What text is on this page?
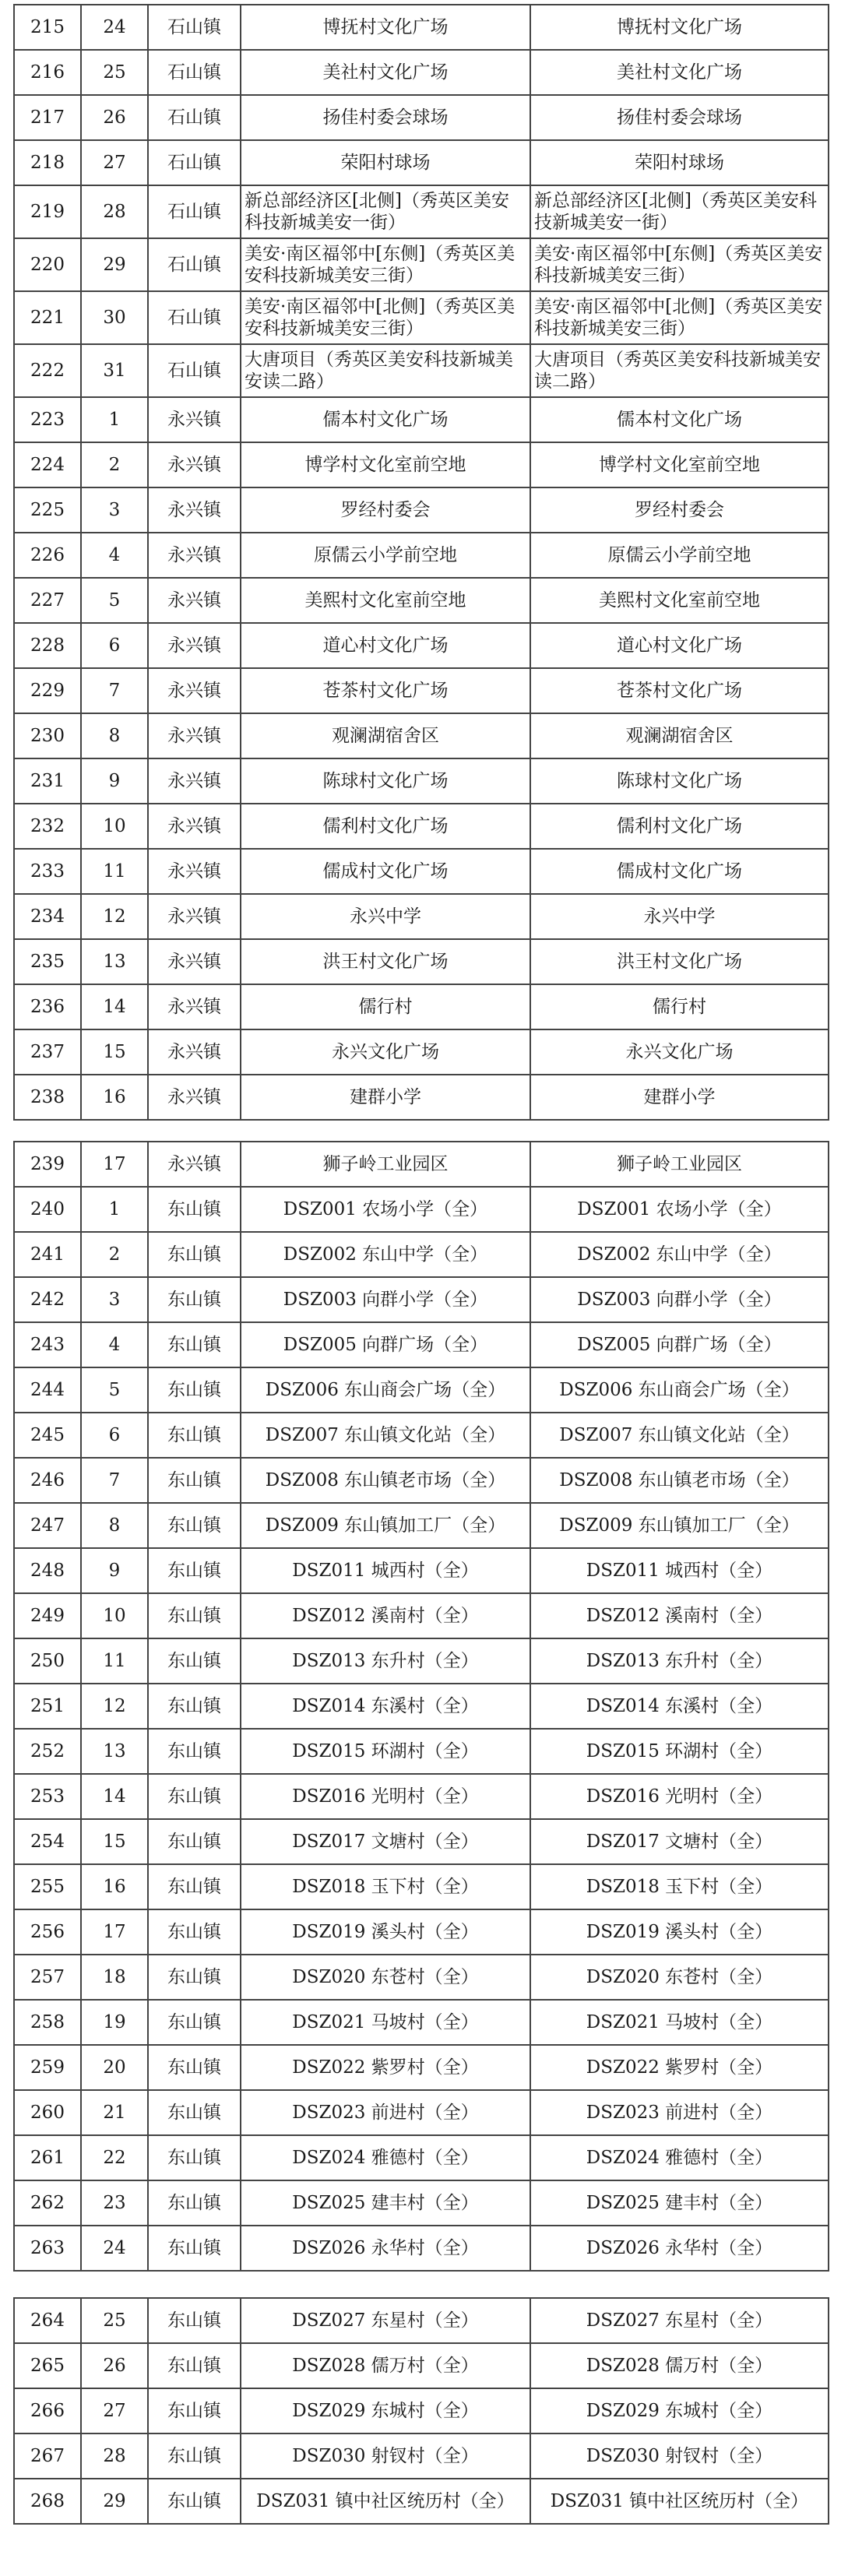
215	24	石山镇	博抚村文化广场	博抚村文化广场
216	25	石山镇	美社村文化广场	美社村文化广场
217	26	石山镇	扬佳村委会球场	扬佳村委会球场
218	27	石山镇	荣阳村球场	荣阳村球场
219	28	石山镇	新总部经济区[北侧]（秀英区美安科技新城美安一街）	新总部经济区[北侧]（秀英区美安科技新城美安一街）
220	29	石山镇	美安·南区福邻中[东侧]（秀英区美安科技新城美安三街）	美安·南区福邻中[东侧]（秀英区美安科技新城美安三街）
221	30	石山镇	美安·南区福邻中[北侧]（秀英区美安科技新城美安三街）	美安·南区福邻中[北侧]（秀英区美安科技新城美安三街）
222	31	石山镇	大唐项目（秀英区美安科技新城美安读二路）	大唐项目（秀英区美安科技新城美安读二路）
223	1	永兴镇	儒本村文化广场	儒本村文化广场
224	2	永兴镇	博学村文化室前空地	博学村文化室前空地
225	3	永兴镇	罗经村委会	罗经村委会
226	4	永兴镇	原儒云小学前空地	原儒云小学前空地
227	5	永兴镇	美熙村文化室前空地	美熙村文化室前空地
228	6	永兴镇	道心村文化广场	道心村文化广场
229	7	永兴镇	苍茶村文化广场	苍茶村文化广场
230	8	永兴镇	观澜湖宿舍区	观澜湖宿舍区
231	9	永兴镇	陈球村文化广场	陈球村文化广场
232	10	永兴镇	儒利村文化广场	儒利村文化广场
233	11	永兴镇	儒成村文化广场	儒成村文化广场
234	12	永兴镇	永兴中学	永兴中学
235	13	永兴镇	洪王村文化广场	洪王村文化广场
236	14	永兴镇	儒行村	儒行村
237	15	永兴镇	永兴文化广场	永兴文化广场
238	16	永兴镇	建群小学	建群小学
239	17	永兴镇	狮子岭工业园区	狮子岭工业园区
240	1	东山镇	DSZ001 农场小学（全）	DSZ001 农场小学（全）
241	2	东山镇	DSZ002 东山中学（全）	DSZ002 东山中学（全）
242	3	东山镇	DSZ003 向群小学（全）	DSZ003 向群小学（全）
243	4	东山镇	DSZ005 向群广场（全）	DSZ005 向群广场（全）
244	5	东山镇	DSZ006 东山商会广场（全）	DSZ006 东山商会广场（全）
245	6	东山镇	DSZ007 东山镇文化站（全）	DSZ007 东山镇文化站（全）
246	7	东山镇	DSZ008 东山镇老市场（全）	DSZ008 东山镇老市场（全）
247	8	东山镇	DSZ009 东山镇加工厂（全）	DSZ009 东山镇加工厂（全）
248	9	东山镇	DSZ011 城西村（全）	DSZ011 城西村（全）
249	10	东山镇	DSZ012 溪南村（全）	DSZ012 溪南村（全）
250	11	东山镇	DSZ013 东升村（全）	DSZ013 东升村（全）
251	12	东山镇	DSZ014 东溪村（全）	DSZ014 东溪村（全）
252	13	东山镇	DSZ015 环湖村（全）	DSZ015 环湖村（全）
253	14	东山镇	DSZ016 光明村（全）	DSZ016 光明村（全）
254	15	东山镇	DSZ017 文塘村（全）	DSZ017 文塘村（全）
255	16	东山镇	DSZ018 玉下村（全）	DSZ018 玉下村（全）
256	17	东山镇	DSZ019 溪头村（全）	DSZ019 溪头村（全）
257	18	东山镇	DSZ020 东苍村（全）	DSZ020 东苍村（全）
258	19	东山镇	DSZ021 马坡村（全）	DSZ021 马坡村（全）
259	20	东山镇	DSZ022 紫罗村（全）	DSZ022 紫罗村（全）
260	21	东山镇	DSZ023 前进村（全）	DSZ023 前进村（全）
261	22	东山镇	DSZ024 雅德村（全）	DSZ024 雅德村（全）
262	23	东山镇	DSZ025 建丰村（全）	DSZ025 建丰村（全）
263	24	东山镇	DSZ026 永华村（全）	DSZ026 永华村（全）
264	25	东山镇	DSZ027 东星村（全）	DSZ027 东星村（全）
265	26	东山镇	DSZ028 儒万村（全）	DSZ028 儒万村（全）
266	27	东山镇	DSZ029 东城村（全）	DSZ029 东城村（全）
267	28	东山镇	DSZ030 射钗村（全）	DSZ030 射钗村（全）
268	29	东山镇	DSZ031 镇中社区统历村（全）	DSZ031 镇中社区统历村（全）
